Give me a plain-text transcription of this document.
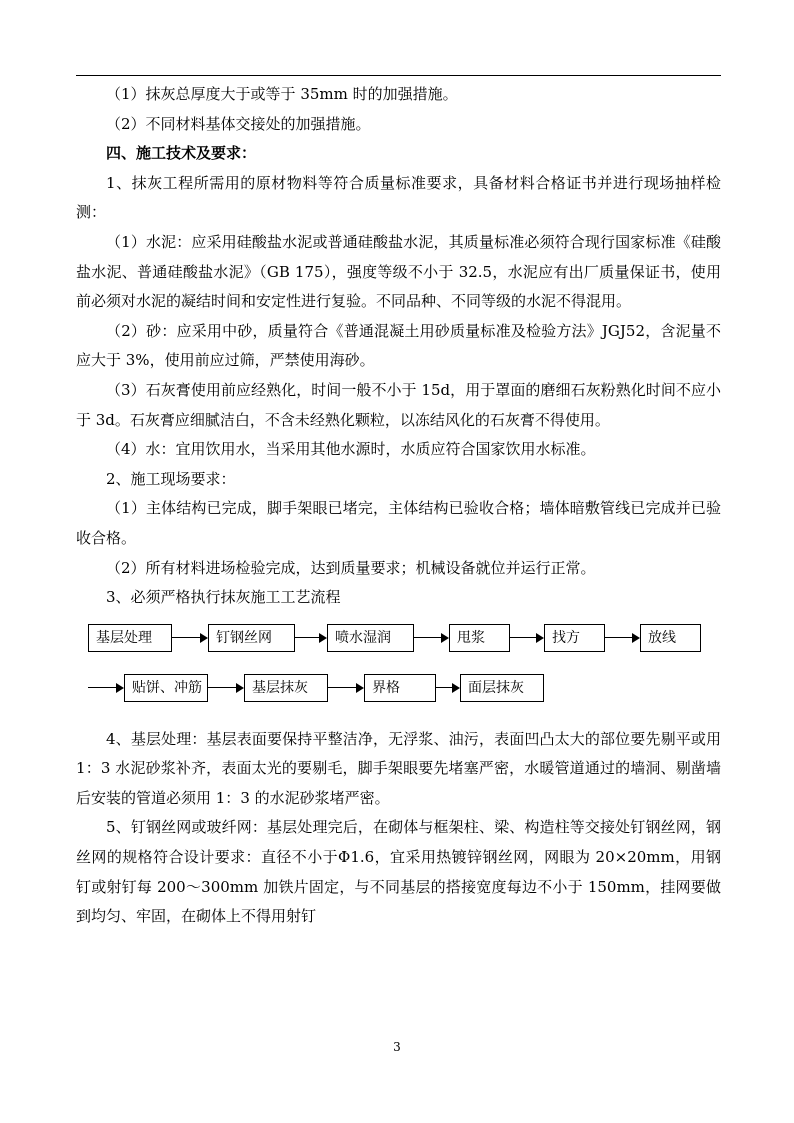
（1）抹灰总厚度大于或等于 35mm 时的加强措施。

（2）不同材料基体交接处的加强措施。

四、施工技术及要求：

1、抹灰工程所需用的原材物料等符合质量标准要求，具备材料合格证书并进行现场抽样检测：

（1）水泥：应采用硅酸盐水泥或普通硅酸盐水泥，其质量标准必须符合现行国家标准《硅酸盐水泥、普通硅酸盐水泥》（GB 175），强度等级不小于 32.5，水泥应有出厂质量保证书，使用前必须对水泥的凝结时间和安定性进行复验。不同品种、不同等级的水泥不得混用。

（2）砂：应采用中砂，质量符合《普通混凝土用砂质量标准及检验方法》JGJ52，含泥量不应大于 3%，使用前应过筛，严禁使用海砂。

（3）石灰膏使用前应经熟化，时间一般不小于 15d，用于罩面的磨细石灰粉熟化时间不应小于 3d。石灰膏应细腻洁白，不含未经熟化颗粒，以冻结风化的石灰膏不得使用。

（4）水：宜用饮用水，当采用其他水源时，水质应符合国家饮用水标准。

2、施工现场要求：

（1）主体结构已完成，脚手架眼已堵完，主体结构已验收合格；墙体暗敷管线已完成并已验收合格。

（2）所有材料进场检验完成，达到质量要求；机械设备就位并运行正常。

3、必须严格执行抹灰施工工艺流程

基层处理	钉钢丝网	喷水湿润	甩浆	找方	放线
贴饼、冲筋	基层抹灰	界格	面层抹灰

4、基层处理：基层表面要保持平整洁净，无浮浆、油污，表面凹凸太大的部位要先剔平或用 1：3 水泥砂浆补齐，表面太光的要剔毛，脚手架眼要先堵塞严密，水暖管道通过的墙洞、剔凿墙后安装的管道必须用 1：3 的水泥砂浆堵严密。

5、钉钢丝网或玻纤网：基层处理完后，在砌体与框架柱、梁、构造柱等交接处钉钢丝网，钢丝网的规格符合设计要求：直径不小于Φ1.6，宜采用热镀锌钢丝网，网眼为 20×20mm，用钢钉或射钉每 200～300mm 加铁片固定，与不同基层的搭接宽度每边不小于 150mm，挂网要做到均匀、牢固，在砌体上不得用射钉

3
